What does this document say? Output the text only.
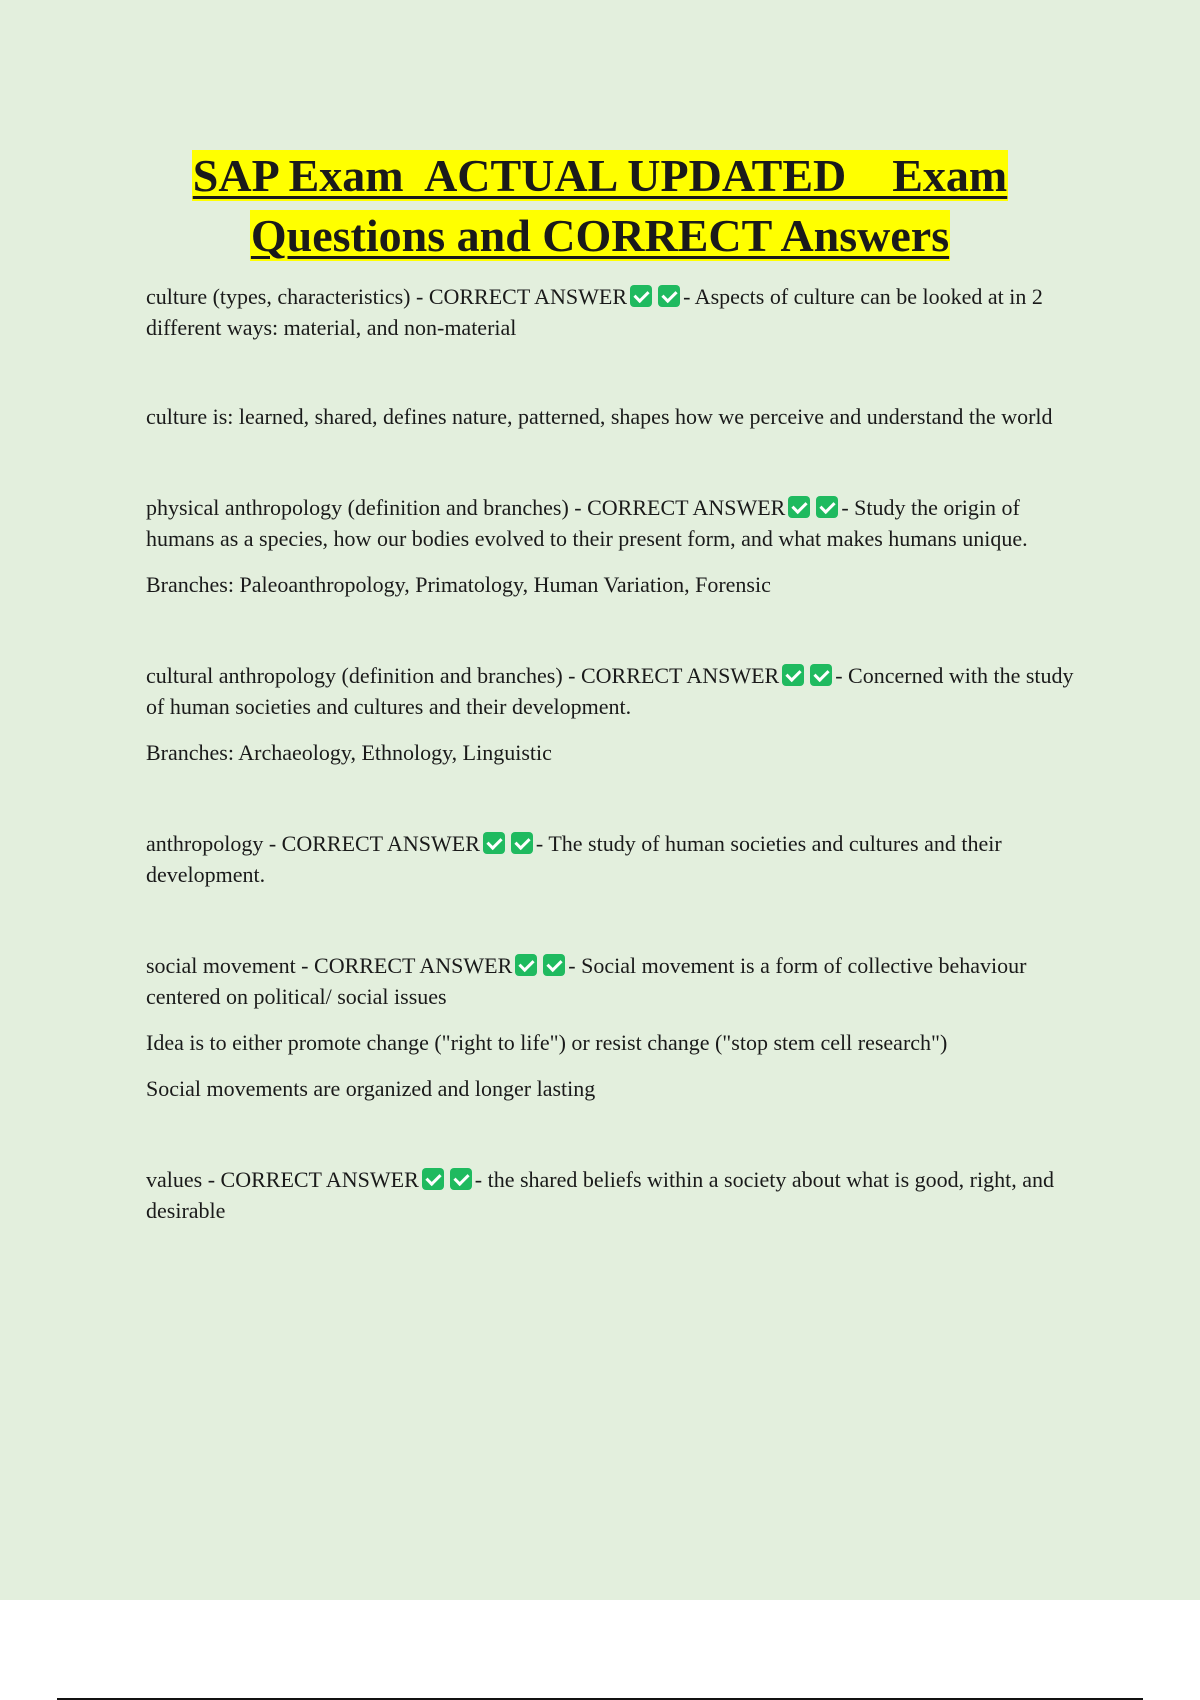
SAP Exam  ACTUAL UPDATED    Exam
Questions and CORRECT Answers

culture (types, characteristics) - CORRECT ANSWER	- Aspects of culture can be looked at in 2 different ways: material, and non-material

culture is: learned, shared, defines nature, patterned, shapes how we perceive and understand the world

physical anthropology (definition and branches) - CORRECT ANSWER	- Study the origin of humans as a species, how our bodies evolved to their present form, and what makes humans unique.

Branches: Paleoanthropology, Primatology, Human Variation, Forensic

cultural anthropology (definition and branches) - CORRECT ANSWER	- Concerned with the study of human societies and cultures and their development.

Branches: Archaeology, Ethnology, Linguistic

anthropology - CORRECT ANSWER	- The study of human societies and cultures and their development.

social movement - CORRECT ANSWER	- Social movement is a form of collective behaviour centered on political/ social issues

Idea is to either promote change ("right to life") or resist change ("stop stem cell research")

Social movements are organized and longer lasting

values - CORRECT ANSWER	- the shared beliefs within a society about what is good, right, and desirable
